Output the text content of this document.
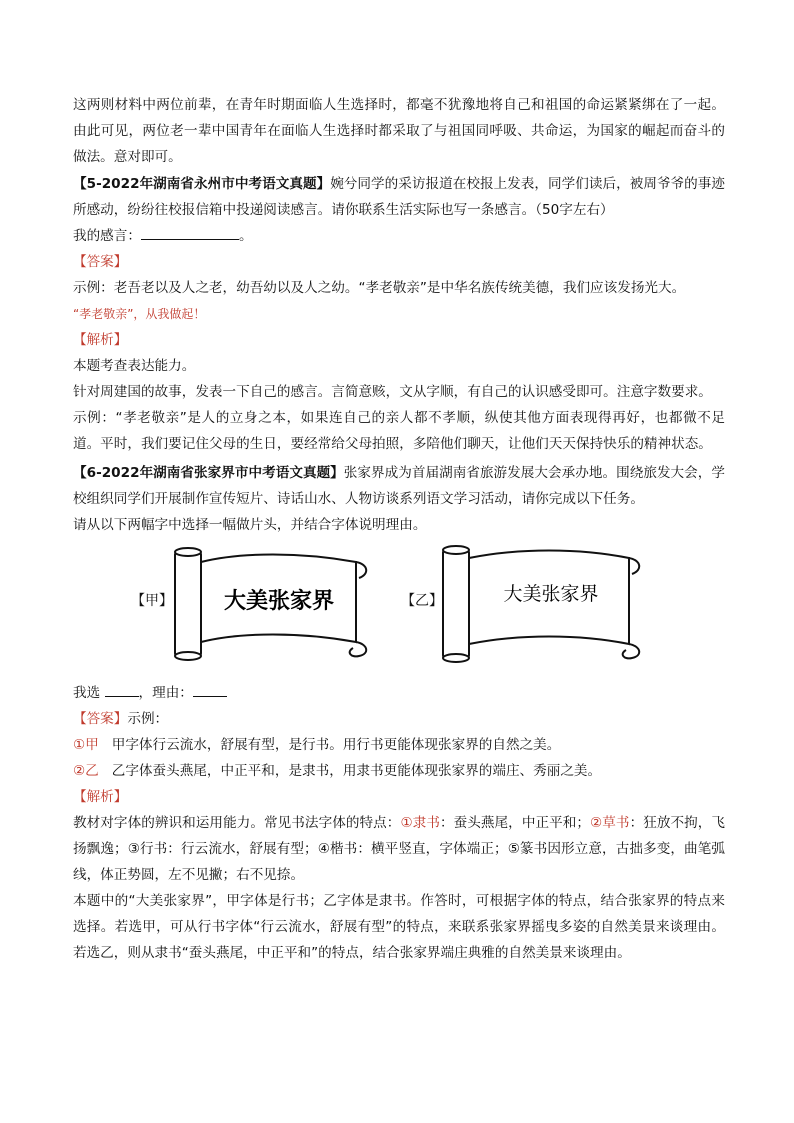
这两则材料中两位前辈，在青年时期面临人生选择时，都毫不犹豫地将自己和祖国的命运紧紧绑在了一起。由此可见，两位老一辈中国青年在面临人生选择时都采取了与祖国同呼吸、共命运，为国家的崛起而奋斗的做法。意对即可。

【5-2022年湖南省永州市中考语文真题】婉兮同学的采访报道在校报上发表，同学们读后，被周爷爷的事迹所感动，纷纷往校报信箱中投递阅读感言。请你联系生活实际也写一条感言。（50字左右）

我的感言：	。

【答案】

示例：老吾老以及人之老，幼吾幼以及人之幼。“孝老敬亲”是中华名族传统美德，我们应该发扬光大。
“孝老敬亲”，从我做起！

【解析】

本题考查表达能力。

针对周建国的故事，发表一下自己的感言。言简意赅，文从字顺，有自己的认识感受即可。注意字数要求。

示例：“孝老敬亲”是人的立身之本，如果连自己的亲人都不孝顺，纵使其他方面表现得再好，也都微不足道。平时，我们要记住父母的生日，要经常给父母拍照，多陪他们聊天，让他们天天保持快乐的精神状态。

【6-2022年湖南省张家界市中考语文真题】张家界成为首届湖南省旅游发展大会承办地。围绕旅发大会，学校组织同学们开展制作宣传短片、诗话山水、人物访谈系列语文学习活动，请你完成以下任务。

请从以下两幅字中选择一幅做片头，并结合字体说明理由。

【甲】 大美张家界	【乙】	大美张家界

我选	，理由：

【答案】示例：

①甲 甲字体行云流水，舒展有型，是行书。用行书更能体现张家界的自然之美。

②乙 乙字体蚕头燕尾，中正平和，是隶书，用隶书更能体现张家界的端庄、秀丽之美。

【解析】

教材对字体的辨识和运用能力。常见书法字体的特点：①隶书：蚕头燕尾，中正平和；②草书：狂放不拘，飞扬飘逸；③行书：行云流水，舒展有型；④楷书：横平竖直，字体端正；⑤篆书因形立意，古拙多变，曲笔弧线，体正势圆，左不见撇；右不见捺。

本题中的“大美张家界”，甲字体是行书；乙字体是隶书。作答时，可根据字体的特点，结合张家界的特点来选择。若选甲，可从行书字体“行云流水，舒展有型”的特点，来联系张家界摇曳多姿的自然美景来谈理由。若选乙，则从隶书“蚕头燕尾，中正平和”的特点，结合张家界端庄典雅的自然美景来谈理由。
